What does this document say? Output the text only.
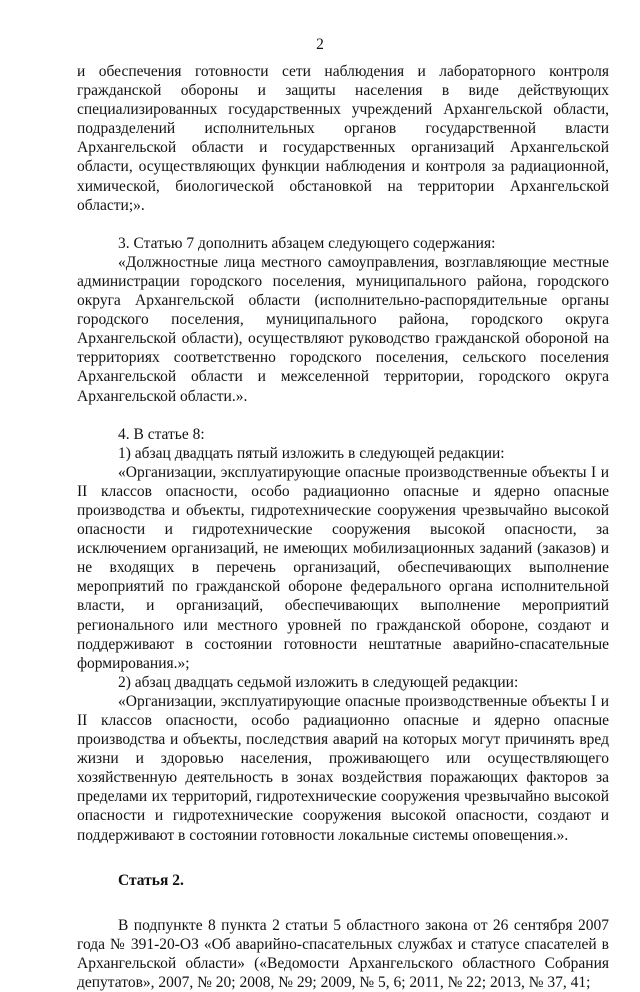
2

и обеспечения готовности сети наблюдения и лабораторного контроля гражданской обороны и защиты населения в виде действующих специализированных государственных учреждений Архангельской области, подразделений исполнительных органов государственной власти Архангельской области и государственных организаций Архангельской области, осуществляющих функции наблюдения и контроля за радиационной, химической, биологической обстановкой на территории Архангельской области;».

3. Статью 7 дополнить абзацем следующего содержания:

«Должностные лица местного самоуправления, возглавляющие местные администрации городского поселения, муниципального района, городского округа Архангельской области (исполнительно-распорядительные органы городского поселения, муниципального района, городского округа Архангельской области), осуществляют руководство гражданской обороной на территориях соответственно городского поселения, сельского поселения Архангельской области и межселенной территории, городского округа Архангельской области.».

4. В статье 8:

1) абзац двадцать пятый изложить в следующей редакции:

«Организации, эксплуатирующие опасные производственные объекты I и II классов опасности, особо радиационно опасные и ядерно опасные производства и объекты, гидротехнические сооружения чрезвычайно высокой опасности и гидротехнические сооружения высокой опасности, за исключением организаций, не имеющих мобилизационных заданий (заказов) и не входящих в перечень организаций, обеспечивающих выполнение мероприятий по гражданской обороне федерального органа исполнительной власти, и организаций, обеспечивающих выполнение мероприятий регионального или местного уровней по гражданской обороне, создают и поддерживают в состоянии готовности нештатные аварийно-спасательные формирования.»;

2) абзац двадцать седьмой изложить в следующей редакции:

«Организации, эксплуатирующие опасные производственные объекты I и II классов опасности, особо радиационно опасные и ядерно опасные производства и объекты, последствия аварий на которых могут причинять вред жизни и здоровью населения, проживающего или осуществляющего хозяйственную деятельность в зонах воздействия поражающих факторов за пределами их территорий, гидротехнические сооружения чрезвычайно высокой опасности и гидротехнические сооружения высокой опасности, создают и поддерживают в состоянии готовности локальные системы оповещения.».

Статья 2.

В подпункте 8 пункта 2 статьи 5 областного закона от 26 сентября 2007 года № 391-20-ОЗ «Об аварийно-спасательных службах и статусе спасателей в Архангельской области» («Ведомости Архангельского областного Собрания депутатов», 2007, № 20; 2008, № 29; 2009, № 5, 6; 2011, № 22; 2013, № 37, 41;
